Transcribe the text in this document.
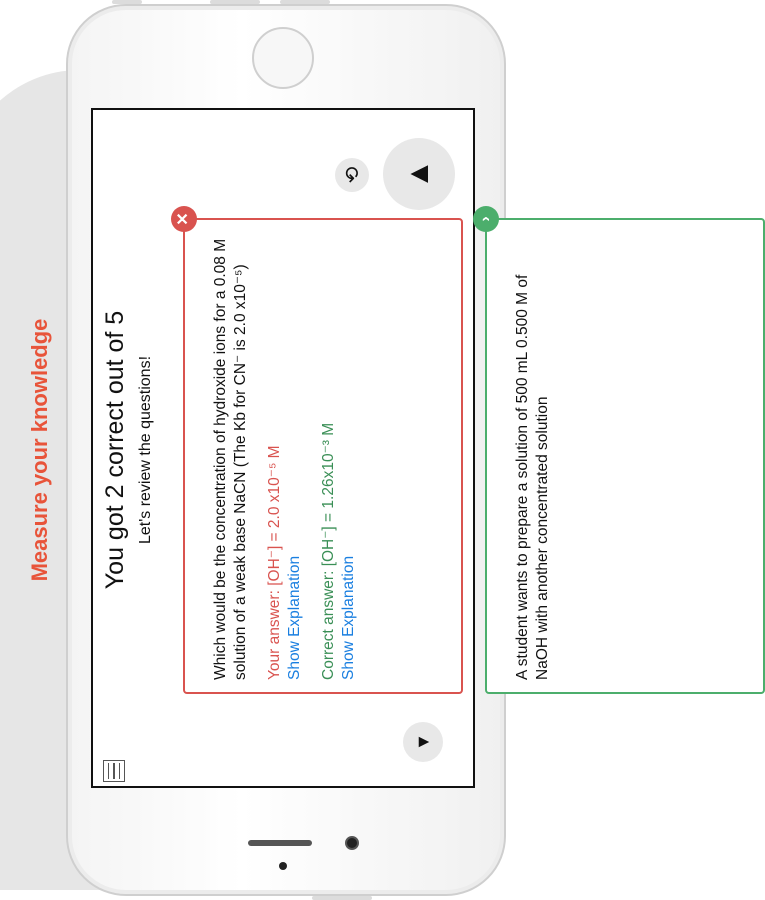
Measure your knowledge You got 2 correct out of 5 Let's review the questions!
✕

Which would be the concentration of hydroxide ions for a 0.08 M solution of a weak base NaCN (The Kb for CN⁻ is 2.0 x10⁻⁵) Your answer: [OH⁻] = 2.0 x10⁻⁵ M Show Explanation Correct answer: [OH⁻] = 1.26x10⁻³ M Show Explanation
›

A student wants to prepare a solution of 500 mL 0.500 M of NaOH with another concentrated solution

▼
▲
⟲
